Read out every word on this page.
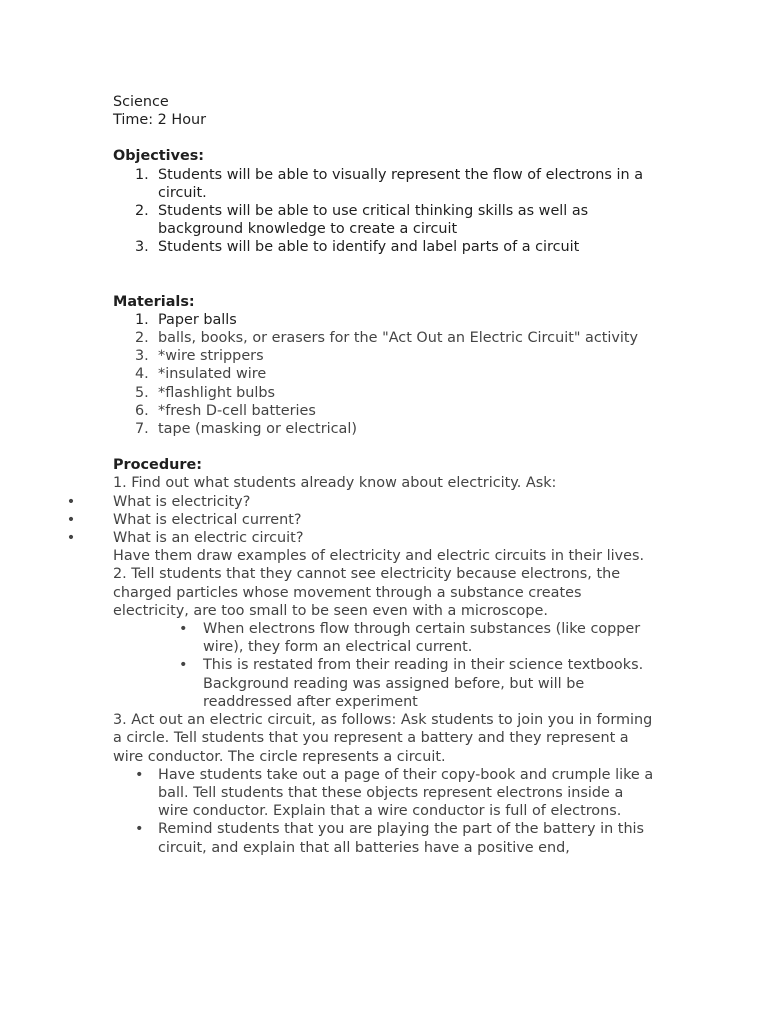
Science
Time: 2 Hour
Objectives:
1. Students will be able to visually represent the flow of electrons in a circuit.
2. Students will be able to use critical thinking skills as well as background knowledge to create a circuit
3. Students will be able to identify and label parts of a circuit
Materials:
1. Paper balls
2. balls, books, or erasers for the "Act Out an Electric Circuit" activity
3. *wire strippers
4. *insulated wire
5. *flashlight bulbs
6. *fresh D-cell batteries
7. tape (masking or electrical)
Procedure:
1. Find out what students already know about electricity. Ask:
•	What is electricity?
•	What is electrical current?
•	What is an electric circuit?
Have them draw examples of electricity and electric circuits in their lives.
2. Tell students that they cannot see electricity because electrons, the charged particles whose movement through a substance creates electricity, are too small to be seen even with a microscope.
• When electrons flow through certain substances (like copper wire), they form an electrical current.
• This is restated from their reading in their science textbooks. Background reading was assigned before, but will be readdressed after experiment
3. Act out an electric circuit, as follows: Ask students to join you in forming a circle. Tell students that you represent a battery and they represent a wire conductor. The circle represents a circuit.
• Have students take out a page of their copy-book and crumple like a ball. Tell students that these objects represent electrons inside a wire conductor. Explain that a wire conductor is full of electrons.
• Remind students that you are playing the part of the battery in this circuit, and explain that all batteries have a positive end,
